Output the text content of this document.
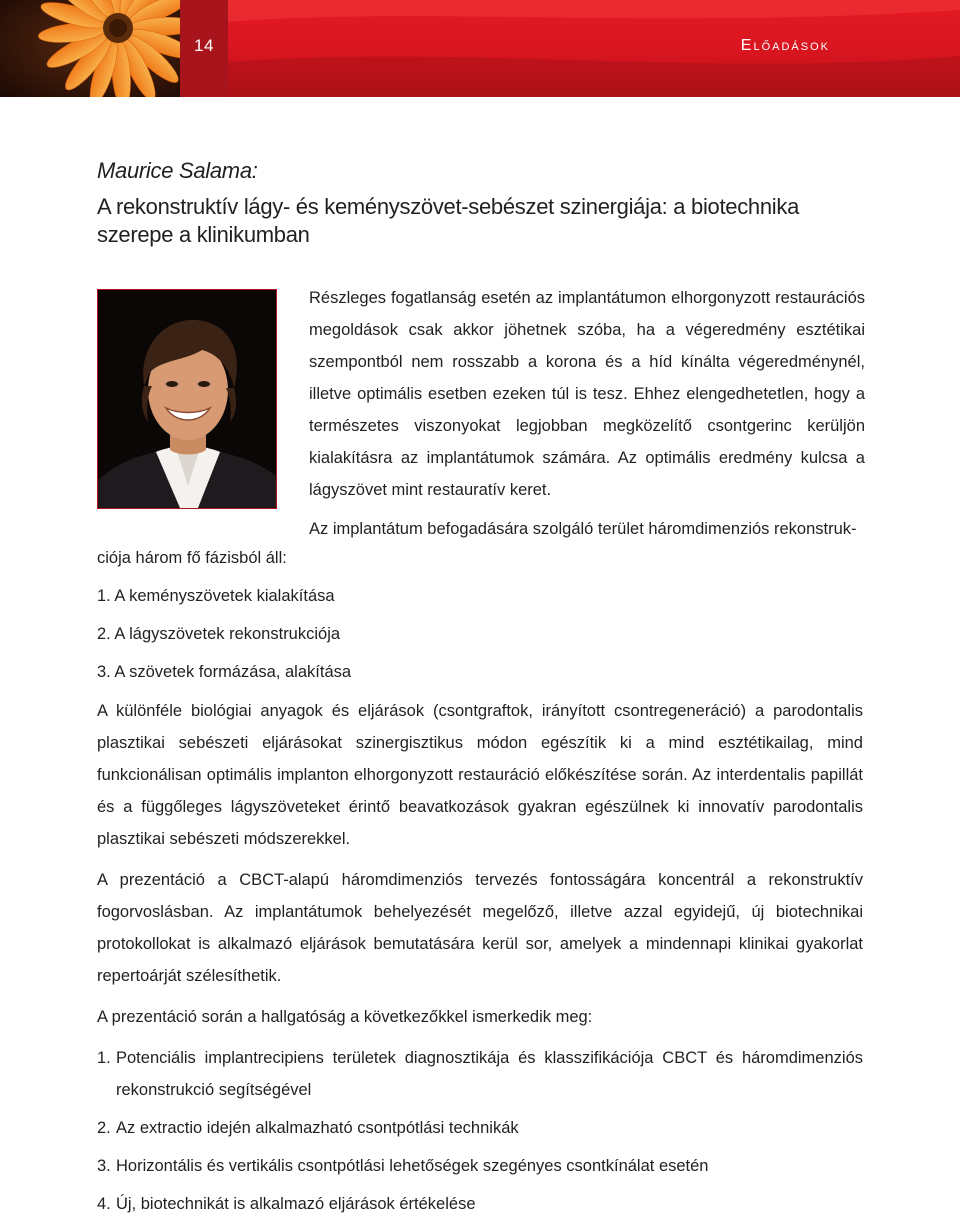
14	Előadások
Maurice Salama:
A rekonstruktív lágy- és keményszövet-sebészet szinergiája: a biotechnika szerepe a klinikumban

Részleges fogatlanság esetén az implantátumon elhorgonyzott restaurációs megoldások csak akkor jöhetnek szóba, ha a végeredmény esztétikai szempontból nem rosszabb a korona és a híd kínálta végeredménynél, illetve optimális esetben ezeken túl is tesz. Ehhez elengedhetetlen, hogy a természetes viszonyokat legjobban megközelítő csontgerinc kerüljön kialakításra az implantátumok számára. Az optimális eredmény kulcsa a lágyszövet mint restauratív keret.

Az implantátum befogadására szolgáló terület háromdimenziós rekonstruk-

ciója három fő fázisból áll:
1. A keményszövetek kialakítása
2. A lágyszövetek rekonstrukciója
3. A szövetek formázása, alakítása

A különféle biológiai anyagok és eljárások (csontgraftok, irányított csontregeneráció) a parodontalis plasztikai sebészeti eljárásokat szinergisztikus módon egészítik ki a mind esztétikailag, mind funkcionálisan optimális implanton elhorgonyzott restauráció előkészítése során. Az interdentalis papillát és a függőleges lágyszöveteket érintő beavatkozások gyakran egészülnek ki innovatív parodontalis plasztikai sebészeti módszerekkel.

A prezentáció a CBCT-alapú háromdimenziós tervezés fontosságára koncentrál a rekonstruktív fogorvoslásban. Az implantátumok behelyezését megelőző, illetve azzal egyidejű, új biotechnikai protokollokat is alkalmazó eljárások bemutatására kerül sor, amelyek a mindennapi klinikai gyakorlat repertoárját szélesíthetik.

A prezentáció során a hallgatóság a következőkkel ismerkedik meg:

1. Potenciális implantrecipiens területek diagnosztikája és klasszifikációja CBCT és háromdimenziós rekonstrukció segítségével
2. Az extractio idején alkalmazható csontpótlási technikák
3. Horizontális és vertikális csontpótlási lehetőségek szegényes csontkínálat esetén
4. Új, biotechnikát is alkalmazó eljárások értékelése
